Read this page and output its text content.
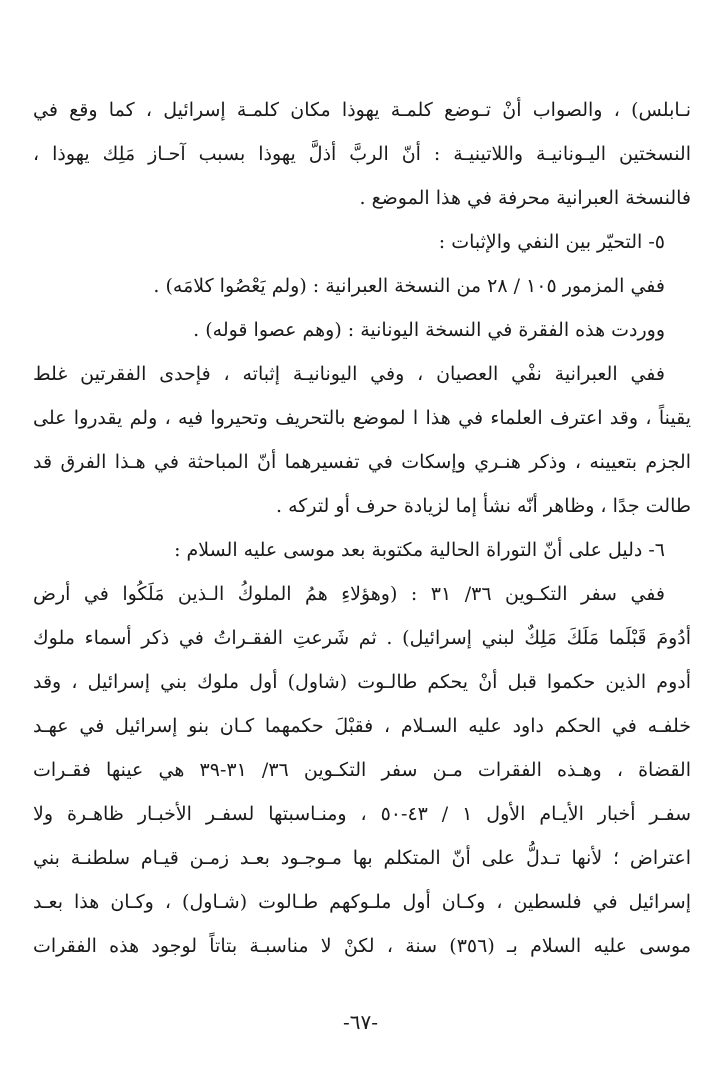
نـابلس) ، والصواب أنْ تـوضع كلمـة يهوذا مكان كلمـة إسرائيل ، كما وقع في
النسختين اليـونانيـة واللاتينيـة : أنّ الربَّ أذلَّ يهوذا بسبب آحـاز مَلِك يهوذا ،
فالنسخة العبرانية محرفة في هذا الموضع .
٥- التحيّر بين النفي والإثبات :
ففي المزمور ١٠٥ / ٢٨ من النسخة العبرانية : (ولم يَعْصُوا كلامَه) .
ووردت هذه الفقرة في النسخة اليونانية : (وهم عصوا قوله) .
ففي العبرانية نفْي العصيان ، وفي اليونانيـة إثباته ، فإحدى الفقرتين غلط
يقيناً ، وقد اعترف العلماء في هذا ا لموضع بالتحريف وتحيروا فيه ، ولم يقدروا على
الجزم بتعيينه ، وذكر هنـري وإسكات في تفسيرهما أنّ المباحثة في هـذا الفرق قد
طالت جدًا ، وظاهر أنّه نشأ إما لزيادة حرف أو لتركه .
٦- دليل على أنّ التوراة الحالية مكتوبة بعد موسى عليه السلام :
ففي سفر التكـوين ٣٦/ ٣١ : (وهؤلاءِ همُ الملوكُ الـذين مَلَكُوا في أرض
أدُومَ قَبْلَما مَلَكَ مَلِكٌ لبني إسرائيل) . ثم شَرعتِ الفقـراتُ في ذكر أسماء ملوك
أدوم الذين حكموا قبل أنْ يحكم طالـوت (شاول) أول ملوك بني إسرائيل ، وقد
خلفـه في الحكم داود عليه السـلام ، فقبْلَ حكمهما كـان بنو إسرائيل في عهـد
القضاة ، وهـذه الفقرات مـن سفر التكـوين ٣٦/ ٣١-٣٩ هي عينها فقـرات
سفـر أخبار الأيـام الأول ١ / ٤٣-٥٠ ، ومنـاسبتها لسفـر الأخبـار ظاهـرة ولا
اعتراض ؛ لأنها تـدلُّ على أنّ المتكلم بها مـوجـود بعـد زمـن قيـام سلطنـة بني
إسرائيل في فلسطين ، وكـان أول ملـوكهم طـالوت (شـاول) ، وكـان هذا بعـد
موسى عليه السلام بـ (٣٥٦) سنة ، لكنْ لا مناسبـة بتاتاً لوجود هذه الفقرات
-٦٧-
